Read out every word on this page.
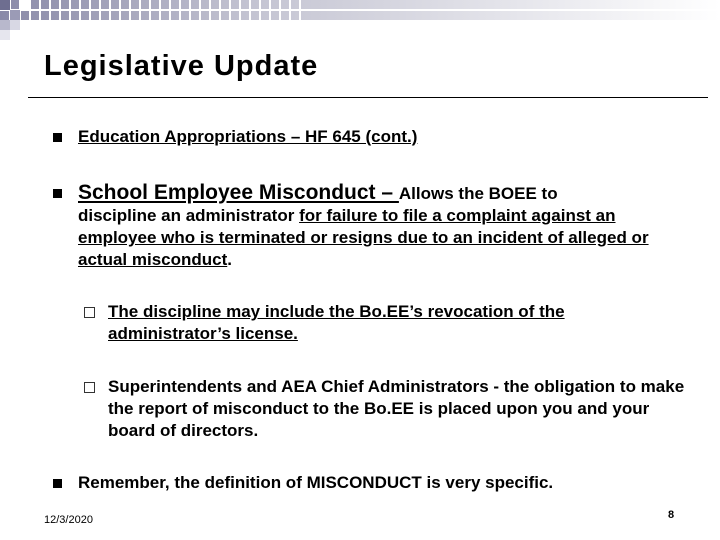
Legislative Update
Education Appropriations – HF 645 (cont.)
School Employee Misconduct – Allows the BOEE to
discipline an administrator for failure to file a complaint against an employee who is terminated or resigns due to an incident of alleged or actual misconduct.
The discipline may include the Bo.EE’s revocation of the administrator’s license.
Superintendents and AEA Chief Administrators - the obligation to make the report of misconduct to the Bo.EE is placed upon you and your board of directors.
Remember, the definition of MISCONDUCT is very specific.
12/3/2020	8
